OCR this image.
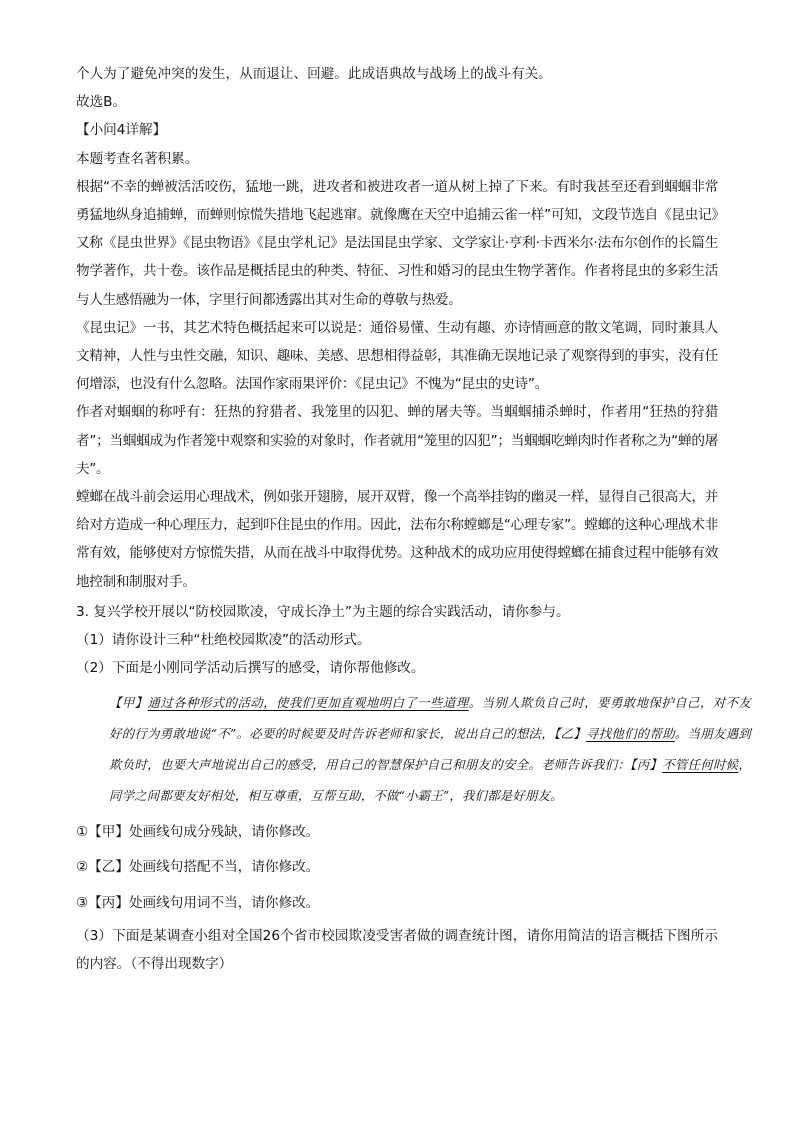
个人为了避免冲突的发生，从而退让、回避。此成语典故与战场上的战斗有关。

故选B。

【小问4详解】

本题考查名著积累。

根据“不幸的蝉被活活咬伤，猛地一跳，进攻者和被进攻者一道从树上掉了下来。有时我甚至还看到蝈蝈非常勇猛地纵身追捕蝉，而蝉则惊慌失措地飞起逃窜。就像鹰在天空中追捕云雀一样”可知，文段节选自《昆虫记》又称《昆虫世界》《昆虫物语》《昆虫学札记》是法国昆虫学家、文学家让·亨利·卡西米尔·法布尔创作的长篇生物学著作，共十卷。该作品是概括昆虫的种类、特征、习性和婚习的昆虫生物学著作。作者将昆虫的多彩生活与人生感悟融为一体，字里行间都透露出其对生命的尊敬与热爱。

《昆虫记》一书，其艺术特色概括起来可以说是：通俗易懂、生动有趣、亦诗情画意的散文笔调，同时兼具人文精神，人性与虫性交融，知识、趣味、美感、思想相得益彰，其准确无误地记录了观察得到的事实，没有任何增添，也没有什么忽略。法国作家雨果评价：《昆虫记》不愧为“昆虫的史诗”。

作者对蝈蝈的称呼有：狂热的狩猎者、我笼里的囚犯、蝉的屠夫等。当蝈蝈捕杀蝉时，作者用“狂热的狩猎者”；当蝈蝈成为作者笼中观察和实验的对象时，作者就用“笼里的囚犯”；当蝈蝈吃蝉肉时作者称之为“蝉的屠夫”。

螳螂在战斗前会运用心理战术，例如张开翅膀，展开双臂，像一个高举挂钩的幽灵一样，显得自己很高大，并给对方造成一种心理压力，起到吓住昆虫的作用。因此，法布尔称螳螂是“心理专家”。螳螂的这种心理战术非常有效，能够使对方惊慌失措，从而在战斗中取得优势。这种战术的成功应用使得螳螂在捕食过程中能够有效地控制和制服对手。

3. 复兴学校开展以“防校园欺凌，守成长净土”为主题的综合实践活动，请你参与。

（1）请你设计三种“杜绝校园欺凌”的活动形式。

（2）下面是小刚同学活动后撰写的感受，请你帮他修改。

【甲】通过各种形式的活动，使我们更加直观地明白了一些道理。当别人欺负自己时，要勇敢地保护自己，对不友好的行为勇敢地说“不”。必要的时候要及时告诉老师和家长，说出自己的想法，【乙】寻找他们的帮助。当朋友遇到欺负时，也要大声地说出自己的感受，用自己的智慧保护自己和朋友的安全。老师告诉我们：【丙】不管任何时候，同学之间都要友好相处，相互尊重，互帮互助，不做“小霸王”，我们都是好朋友。

①【甲】处画线句成分残缺，请你修改。

②【乙】处画线句搭配不当，请你修改。

③【丙】处画线句用词不当，请你修改。

（3）下面是某调查小组对全国26个省市校园欺凌受害者做的调查统计图，请你用简洁的语言概括下图所示的内容。（不得出现数字）
